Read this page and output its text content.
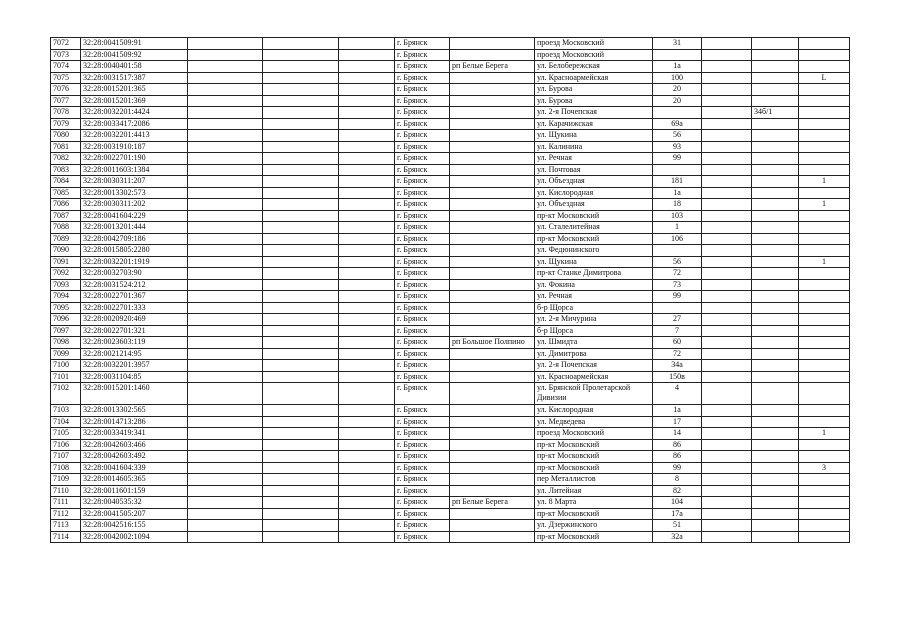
7072	32:28:0041509:91				г. Брянск		проезд Московский	31			
7073	32:28:0041509:92				г. Брянск		проезд Московский				
7074	32:28:0040401:58				г. Брянск	рп Белые Берега	ул. Белобережская	1а			
7075	32:28:0031517:387				г. Брянск		ул. Красноармейская	100			L
7076	32:28:0015201:365				г. Брянск		ул. Бурова	20			
7077	32:28:0015201:369				г. Брянск		ул. Бурова	20			
7078	32:28:0032201:4424				г. Брянск		ул. 2-я Почепская			34б/1	
7079	32:28:0033417:2086				г. Брянск		ул. Карачижская	69а			
7080	32:28:0032201:4413				г. Брянск		ул. Щукина	56			
7081	32:28:0031910:187				г. Брянск		ул. Калинина	93			
7082	32:28:0022701:190				г. Брянск		ул. Речная	99			
7083	32:28:0011603:1384				г. Брянск		ул. Почтовая				
7084	32:28:0030311:207				г. Брянск		ул. Объездная	181			1
7085	32:28:0013302:573				г. Брянск		ул. Кислородная	1а			
7086	32:28:0030311:202				г. Брянск		ул. Объездная	18			1
7087	32:28:0041604:229				г. Брянск		пр-кт Московский	103			
7088	32:28:0013201:444				г. Брянск		ул. Сталелитейная	1			
7089	32:28:0042709:186				г. Брянск		пр-кт Московский	106			
7090	32:28:0015805:2280				г. Брянск		ул. Федюнинского				
7091	32:28:0032201:1919				г. Брянск		ул. Щукина	56			1
7092	32:28:0032703:90				г. Брянск		пр-кт Станке Димитрова	72			
7093	32:28:0031524:212				г. Брянск		ул. Фокина	73			
7094	32:28:0022701:367				г. Брянск		ул. Речная	99			
7095	32:28:0022701:333				г. Брянск		б-р Щорса				
7096	32:28:0020920:469				г. Брянск		ул. 2-я Мичурина	27			
7097	32:28:0022701:321				г. Брянск		б-р Щорса	7			
7098	32:28:0023603:119				г. Брянск	рп Большое Полпино	ул. Шмидта	60			
7099	32:28:0021214:95				г. Брянск		ул. Димитрова	72			
7100	32:28:0032201:3957				г. Брянск		ул. 2-я Почепская	34а			
7101	32:28:0031104:85				г. Брянск		ул. Красноармейская	150в			
7102	32:28:0015201:1460				г. Брянск		ул. Брянской Пролетарской Дивизии	4			
7103	32:28:0013302:565				г. Брянск		ул. Кислородная	1а			
7104	32:28:0014713:286				г. Брянск		ул. Медведева	17			
7105	32:28:0033419:341				г. Брянск		проезд Московский	14			1
7106	32:28:0042603:466				г. Брянск		пр-кт Московский	86			
7107	32:28:0042603:492				г. Брянск		пр-кт Московский	86			
7108	32:28:0041604:339				г. Брянск		пр-кт Московский	99			3
7109	32:28:0014605:365				г. Брянск		пер Металлистов	8			
7110	32:28:0011601:159				г. Брянск		ул. Литейная	82			
7111	32:28:0040535:32				г. Брянск	рп Белые Берега	ул. 8 Марта	104			
7112	32:28:0041505:207				г. Брянск		пр-кт Московский	17а			
7113	32:28:0042516:155				г. Брянск		ул. Дзержинского	51			
7114	32:28:0042002:1094				г. Брянск		пр-кт Московский	32а			
